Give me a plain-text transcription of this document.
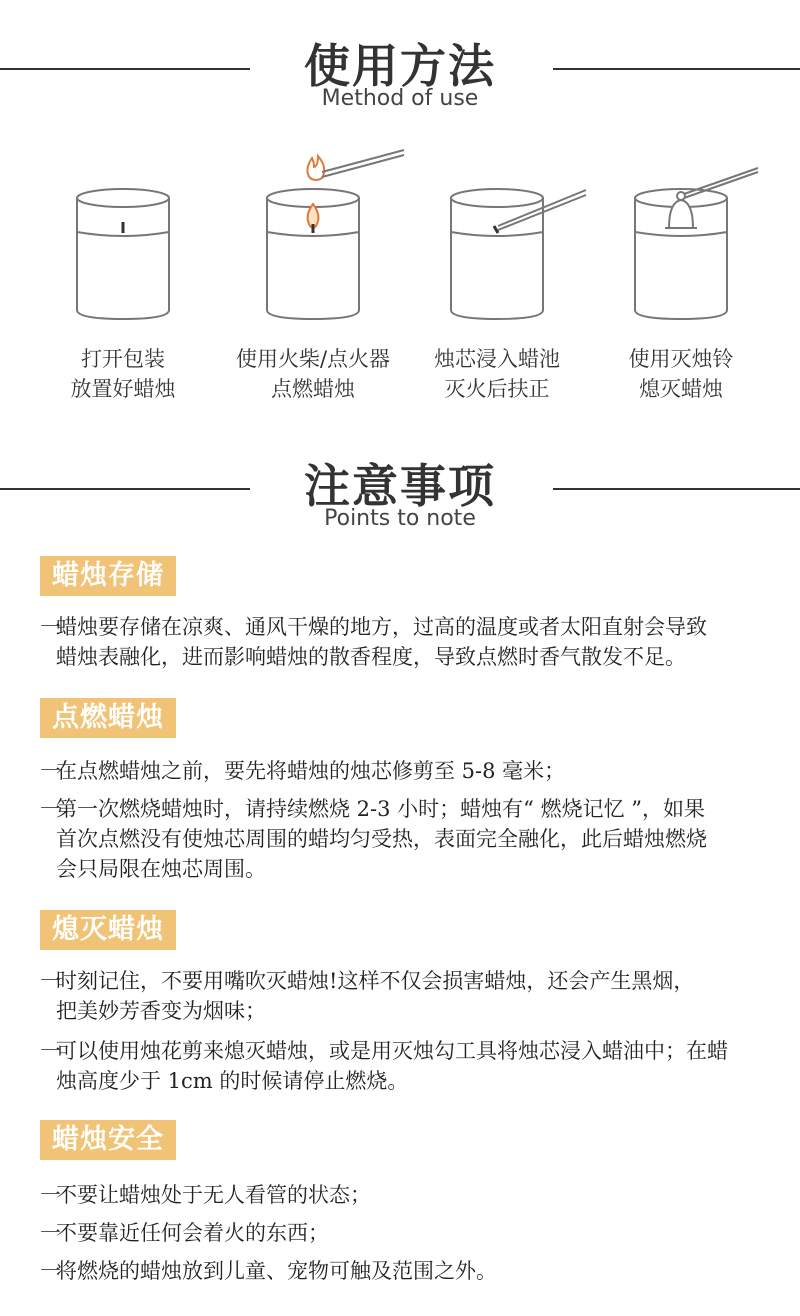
使用方法
Method of use
打开包装
放置好蜡烛
使用火柴/点火器
点燃蜡烛
烛芯浸入蜡池
灭火后扶正
使用灭烛铃
熄灭蜡烛
注意事项
Points to note
蜡烛存储
一蜡烛要存储在凉爽、通风干燥的地方，过高的温度或者太阳直射会导致
蜡烛表融化，进而影响蜡烛的散香程度，导致点燃时香气散发不足。
点燃蜡烛
一在点燃蜡烛之前，要先将蜡烛的烛芯修剪至 5-8 毫米；
一第一次燃烧蜡烛时，请持续燃烧 2-3 小时；蜡烛有“ 燃烧记忆 ”，如果
首次点燃没有使烛芯周围的蜡均匀受热，表面完全融化，此后蜡烛燃烧
会只局限在烛芯周围。
熄灭蜡烛
一时刻记住，不要用嘴吹灭蜡烛!这样不仅会损害蜡烛，还会产生黑烟，
把美妙芳香变为烟味；
一可以使用烛花剪来熄灭蜡烛，或是用灭烛勾工具将烛芯浸入蜡油中；在蜡
烛高度少于 1cm 的时候请停止燃烧。
蜡烛安全
一不要让蜡烛处于无人看管的状态；
一不要靠近任何会着火的东西；
一将燃烧的蜡烛放到儿童、宠物可触及范围之外。
